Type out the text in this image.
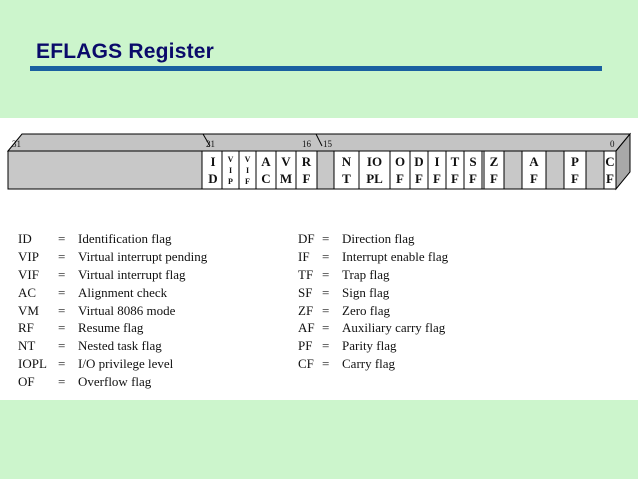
EFLAGS Register
31	21	16 15	0
I
D
V
I
P
V
I
F
A
C
V
M
R
F
N
T
IO
PL
O
F
D
F
I
F
T
F
S
F
Z
F
A
F
P
F
C
F
ID	= Identification flag
VIP	= Virtual interrupt pending
VIF	= Virtual interrupt flag
AC	= Alignment check
VM	= Virtual 8086 mode
RF	= Resume flag
NT	= Nested task flag
IOPL = I/O privilege level
OF	= Overflow flag
DF = Direction flag
IF = Interrupt enable flag
TF = Trap flag
SF = Sign flag
ZF = Zero flag
AF = Auxiliary carry flag
PF = Parity flag
CF = Carry flag
